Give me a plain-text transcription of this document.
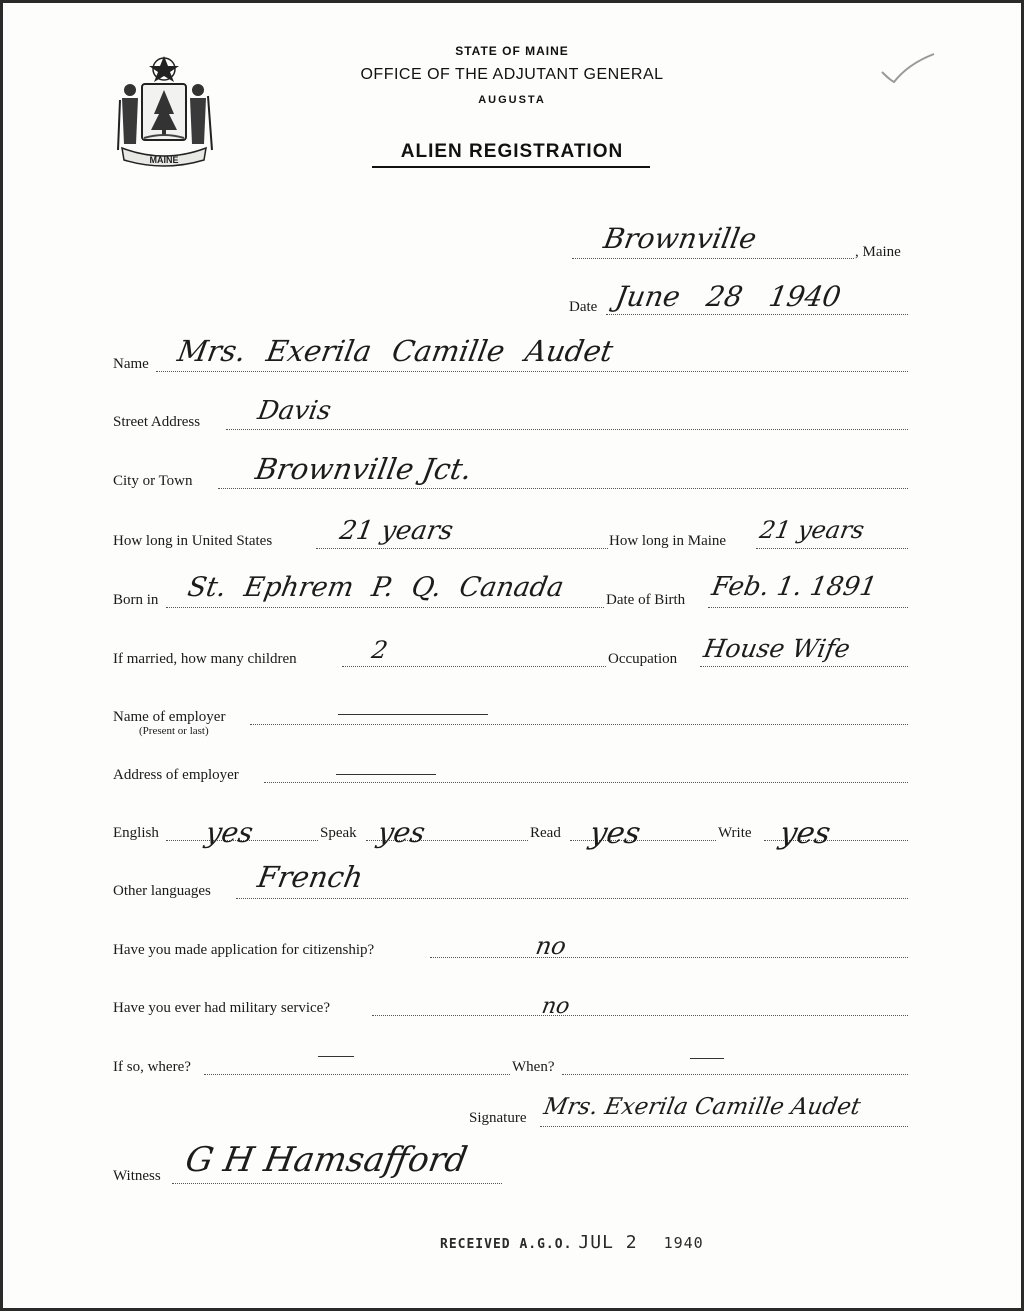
MAINE
STATE OF MAINE
OFFICE OF THE ADJUTANT GENERAL
AUGUSTA
ALIEN REGISTRATION
Brownville	, Maine
Date June 28 1940
Name Mrs. Exerila Camille Audet
Street Address Davis
City or Town Brownville Jct.
How long in United States	21 years	How long in Maine 21 years
Born in St. Ephrem P. Q. Canada	Date of Birth Feb. 1. 1891
If married, how many children	2	Occupation House Wife
Name of employer
(Present or last)
Address of employer
English yes	Speak yes	Read yes	Write yes
Other languages French
Have you made application for citizenship?	no
Have you ever had military service?	no
If so, where?	When?
Signature Mrs. Exerila Camille Audet
Witness G H Hamsafford
RECEIVED A.G.O. JUL 2 1940
